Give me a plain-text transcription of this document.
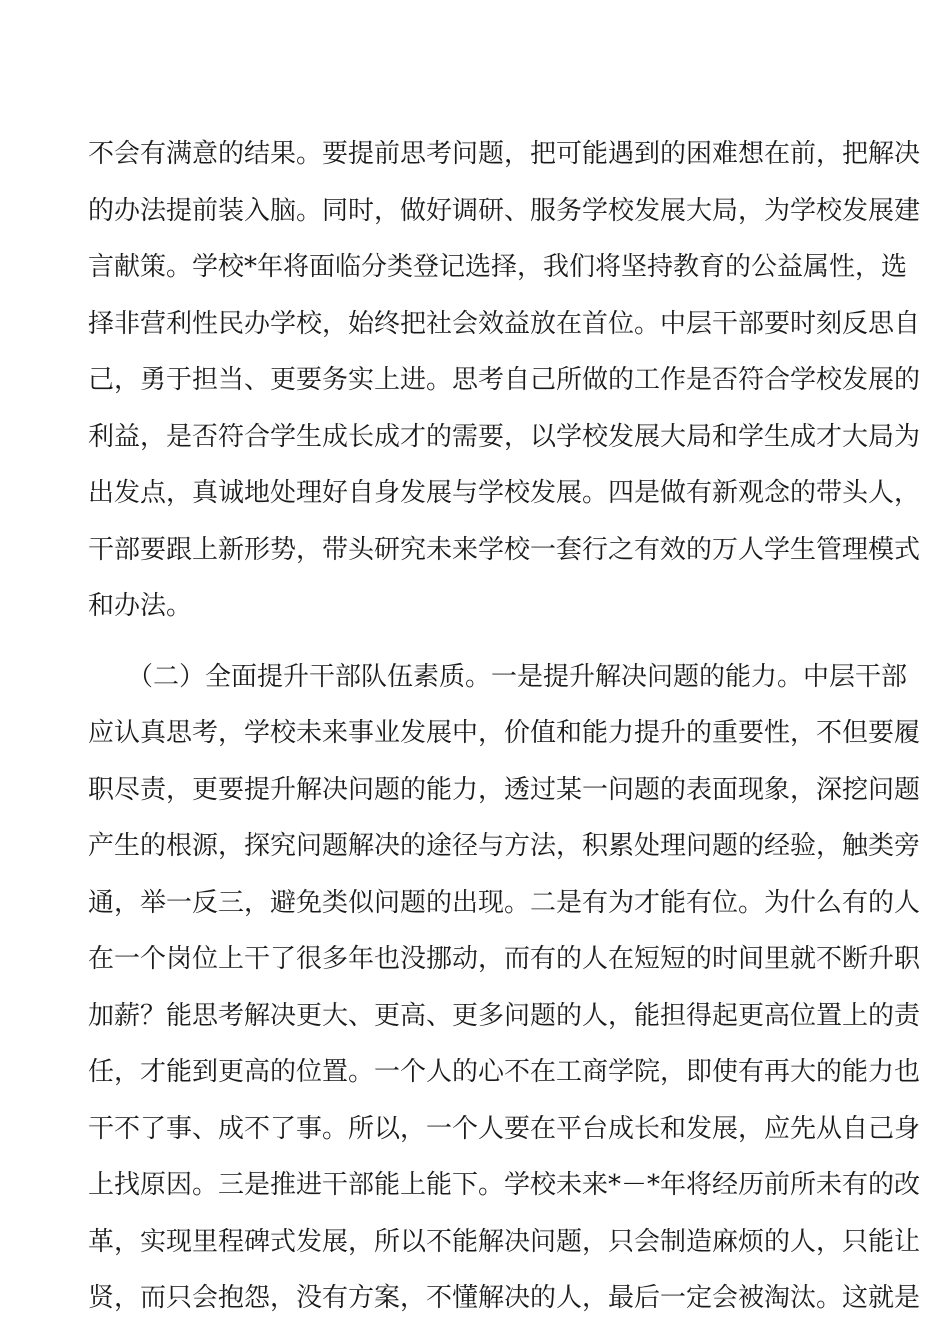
不会有满意的结果。要提前思考问题，把可能遇到的困难想在前，把解决
的办法提前装入脑。同时，做好调研、服务学校发展大局，为学校发展建
言献策。学校*年将面临分类登记选择，我们将坚持教育的公益属性，选
择非营利性民办学校，始终把社会效益放在首位。中层干部要时刻反思自
己，勇于担当、更要务实上进。思考自己所做的工作是否符合学校发展的
利益，是否符合学生成长成才的需要，以学校发展大局和学生成才大局为
出发点，真诚地处理好自身发展与学校发展。四是做有新观念的带头人，
干部要跟上新形势，带头研究未来学校一套行之有效的万人学生管理模式
和办法。
　　（二）全面提升干部队伍素质。一是提升解决问题的能力。中层干部
应认真思考，学校未来事业发展中，价值和能力提升的重要性，不但要履
职尽责，更要提升解决问题的能力，透过某一问题的表面现象，深挖问题
产生的根源，探究问题解决的途径与方法，积累处理问题的经验，触类旁
通，举一反三，避免类似问题的出现。二是有为才能有位。为什么有的人
在一个岗位上干了很多年也没挪动，而有的人在短短的时间里就不断升职
加薪？能思考解决更大、更高、更多问题的人，能担得起更高位置上的责
任，才能到更高的位置。一个人的心不在工商学院，即使有再大的能力也
干不了事、成不了事。所以，一个人要在平台成长和发展，应先从自己身
上找原因。三是推进干部能上能下。学校未来*－*年将经历前所未有的改
革，实现里程碑式发展，所以不能解决问题，只会制造麻烦的人，只能让
贤，而只会抱怨，没有方案，不懂解决的人，最后一定会被淘汰。这就是
